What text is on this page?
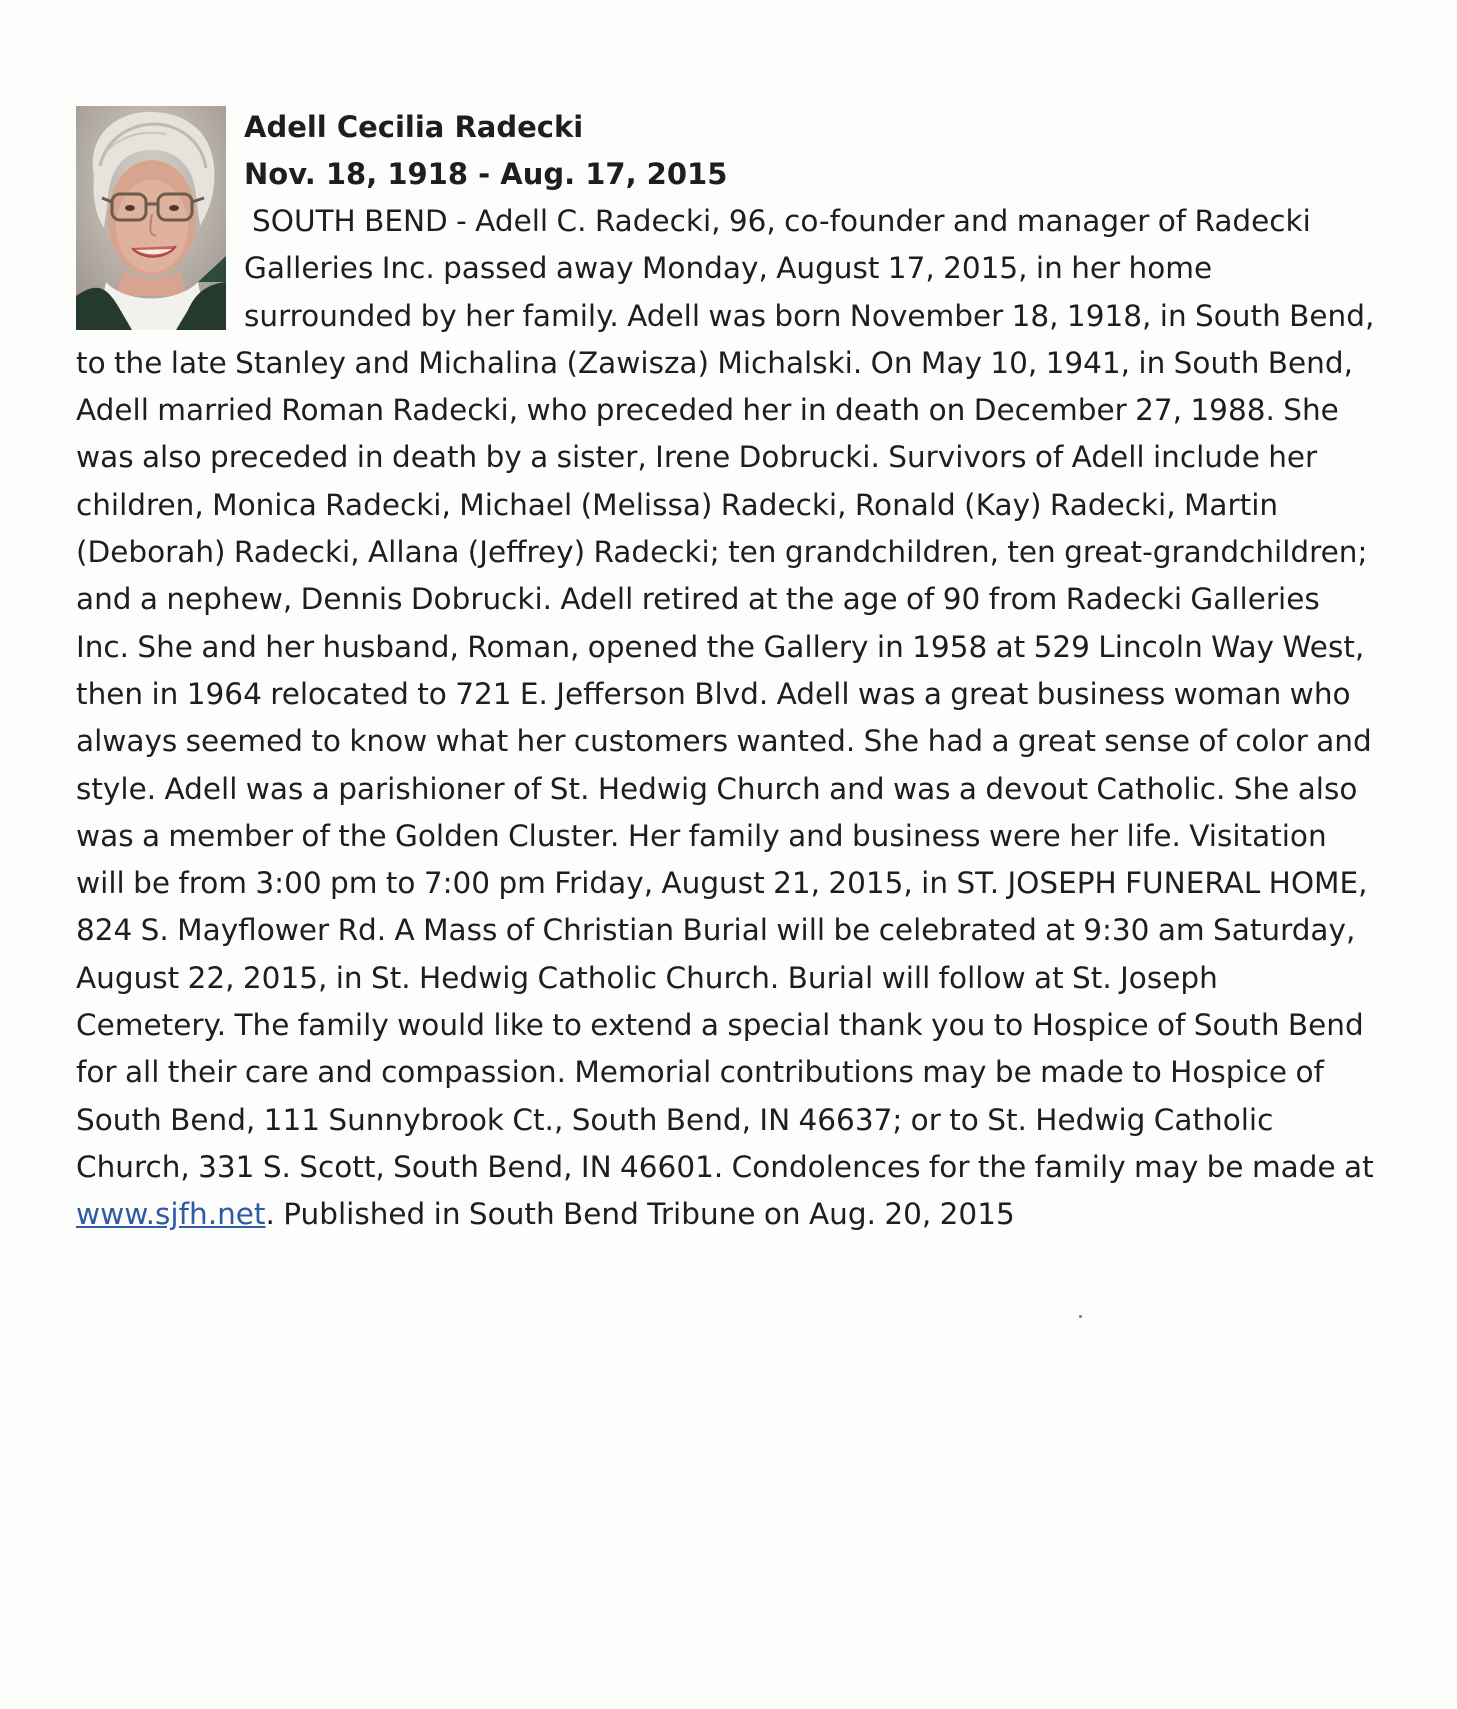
Adell Cecilia Radecki
Nov. 18, 1918 - Aug. 17, 2015

SOUTH BEND - Adell C. Radecki, 96, co-founder and manager of Radecki Galleries Inc. passed away Monday, August 17, 2015, in her home surrounded by her family. Adell was born November 18, 1918, in South Bend, to the late Stanley and Michalina (Zawisza) Michalski. On May 10, 1941, in South Bend, Adell married Roman Radecki, who preceded her in death on December 27, 1988. She was also preceded in death by a sister, Irene Dobrucki. Survivors of Adell include her children, Monica Radecki, Michael (Melissa) Radecki, Ronald (Kay) Radecki, Martin (Deborah) Radecki, Allana (Jeffrey) Radecki; ten grandchildren, ten great-grandchildren; and a nephew, Dennis Dobrucki. Adell retired at the age of 90 from Radecki Galleries Inc. She and her husband, Roman, opened the Gallery in 1958 at 529 Lincoln Way West, then in 1964 relocated to 721 E. Jefferson Blvd. Adell was a great business woman who always seemed to know what her customers wanted. She had a great sense of color and style. Adell was a parishioner of St. Hedwig Church and was a devout Catholic. She also was a member of the Golden Cluster. Her family and business were her life. Visitation will be from 3:00 pm to 7:00 pm Friday, August 21, 2015, in ST. JOSEPH FUNERAL HOME, 824 S. Mayflower Rd. A Mass of Christian Burial will be celebrated at 9:30 am Saturday, August 22, 2015, in St. Hedwig Catholic Church. Burial will follow at St. Joseph Cemetery. The family would like to extend a special thank you to Hospice of South Bend for all their care and compassion. Memorial contributions may be made to Hospice of South Bend, 111 Sunnybrook Ct., South Bend, IN 46637; or to St. Hedwig Catholic Church, 331 S. Scott, South Bend, IN 46601. Condolences for the family may be made at www.sjfh.net. Published in South Bend Tribune on Aug. 20, 2015
